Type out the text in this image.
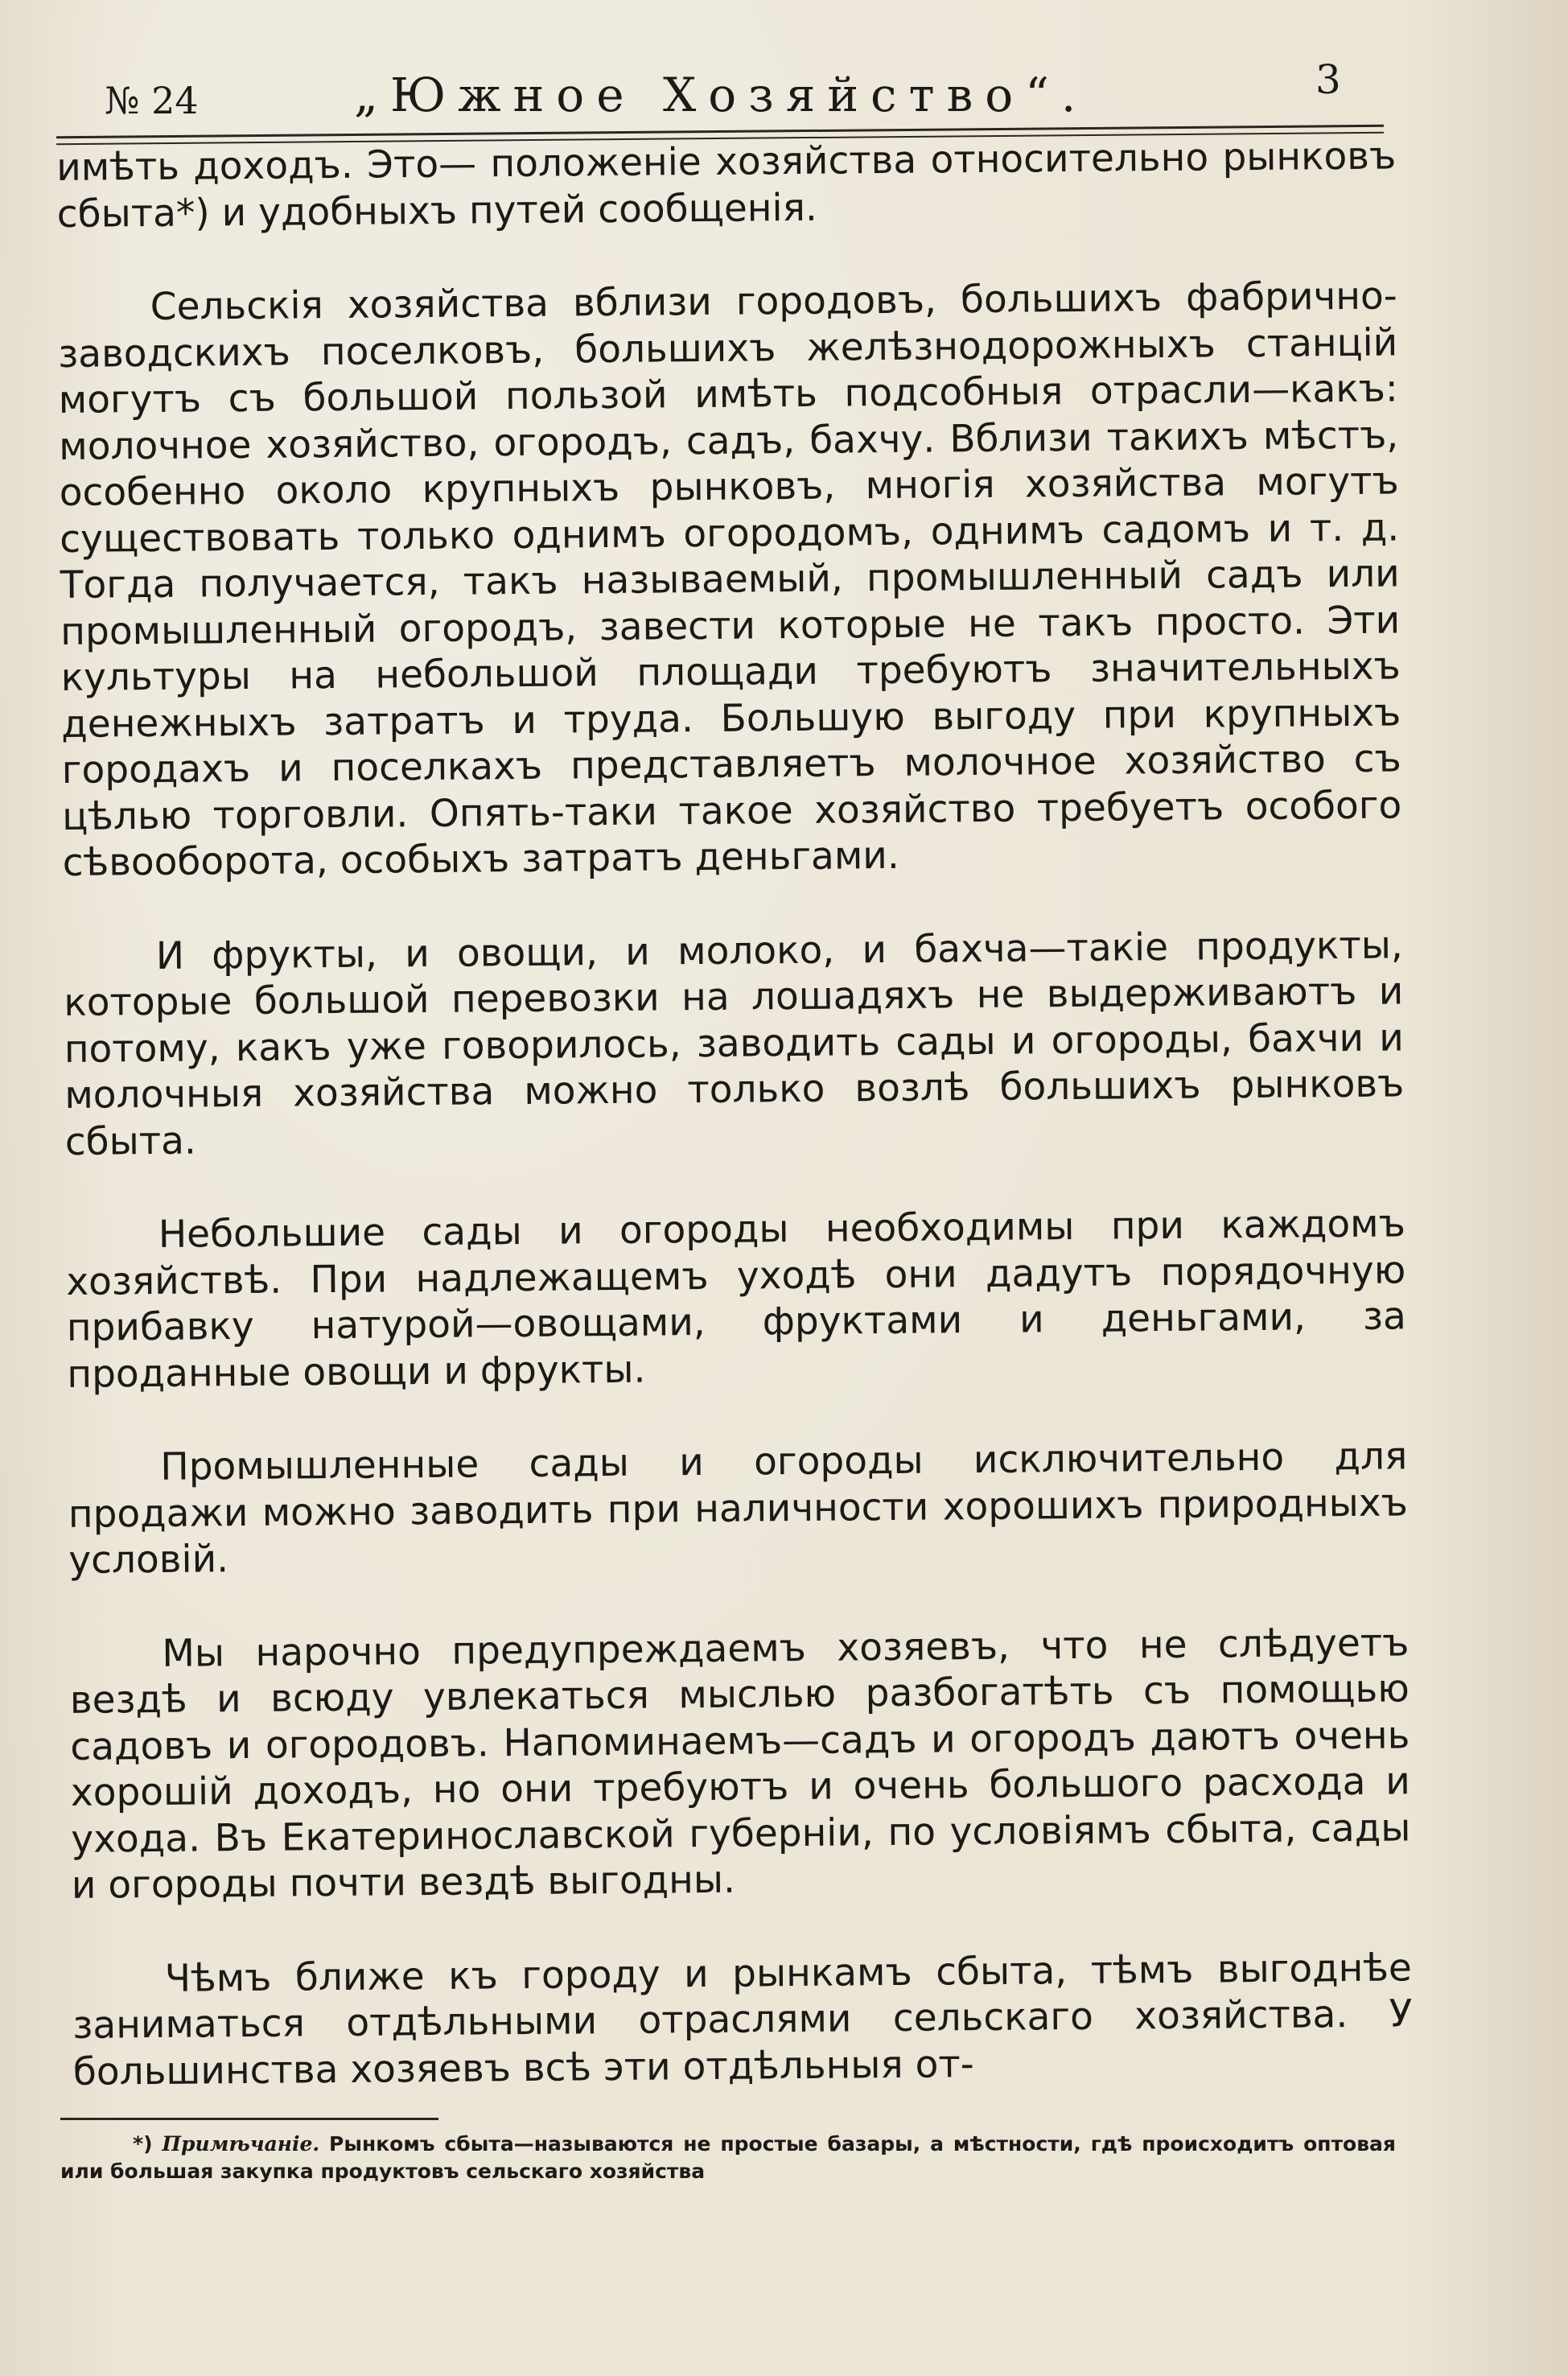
№ 24	„Южное Хозяйство“.	3

имѣть доходъ. Это— положеніе хозяйства относительно рынковъ сбыта*) и удобныхъ путей сообщенія.

Сельскія хозяйства вблизи городовъ, большихъ фабрично-заводскихъ поселковъ, большихъ желѣзнодорожныхъ станцій могутъ съ большой пользой имѣть подсобныя отрасли—какъ: молочное хозяйство, огородъ, садъ, бахчу. Вблизи такихъ мѣстъ, особенно около крупныхъ рынковъ, многія хозяйства могутъ существовать только однимъ огородомъ, однимъ садомъ и т. д. Тогда получается, такъ называемый, промышленный садъ или промышленный огородъ, завести которые не такъ просто. Эти культуры на небольшой площади требуютъ значительныхъ денежныхъ затратъ и труда. Большую выгоду при крупныхъ городахъ и поселкахъ представляетъ молочное хозяйство съ цѣлью торговли. Опять-таки такое хозяйство требуетъ особого сѣвооборота, особыхъ затратъ деньгами.

И фрукты, и овощи, и молоко, и бахча—такіе продукты, которые большой перевозки на лошадяхъ не выдерживаютъ и потому, какъ уже говорилось, заводить сады и огороды, бахчи и молочныя хозяйства можно только возлѣ большихъ рынковъ сбыта.

Небольшие сады и огороды необходимы при каждомъ хозяйствѣ. При надлежащемъ уходѣ они дадутъ порядочную прибавку натурой—овощами, фруктами и деньгами, за проданные овощи и фрукты.

Промышленные сады и огороды исключительно для продажи можно заводить при наличности хорошихъ природныхъ условій.

Мы нарочно предупреждаемъ хозяевъ, что не слѣдуетъ вездѣ и всюду увлекаться мыслью разбогатѣть съ помощью садовъ и огородовъ. Напоминаемъ—садъ и огородъ даютъ очень хорошій доходъ, но они требуютъ и очень большого расхода и ухода. Въ Екатеринославской губерніи, по условіямъ сбыта, сады и огороды почти вездѣ выгодны.

Чѣмъ ближе къ городу и рынкамъ сбыта, тѣмъ выгоднѣе заниматься отдѣльными отраслями сельскаго хозяйства. У большинства хозяевъ всѣ эти отдѣльныя от-

*) Примѣчаніе. Рынкомъ сбыта—называются не простые базары, а мѣстности, гдѣ происходитъ оптовая или большая закупка продуктовъ сельскаго хозяйства
